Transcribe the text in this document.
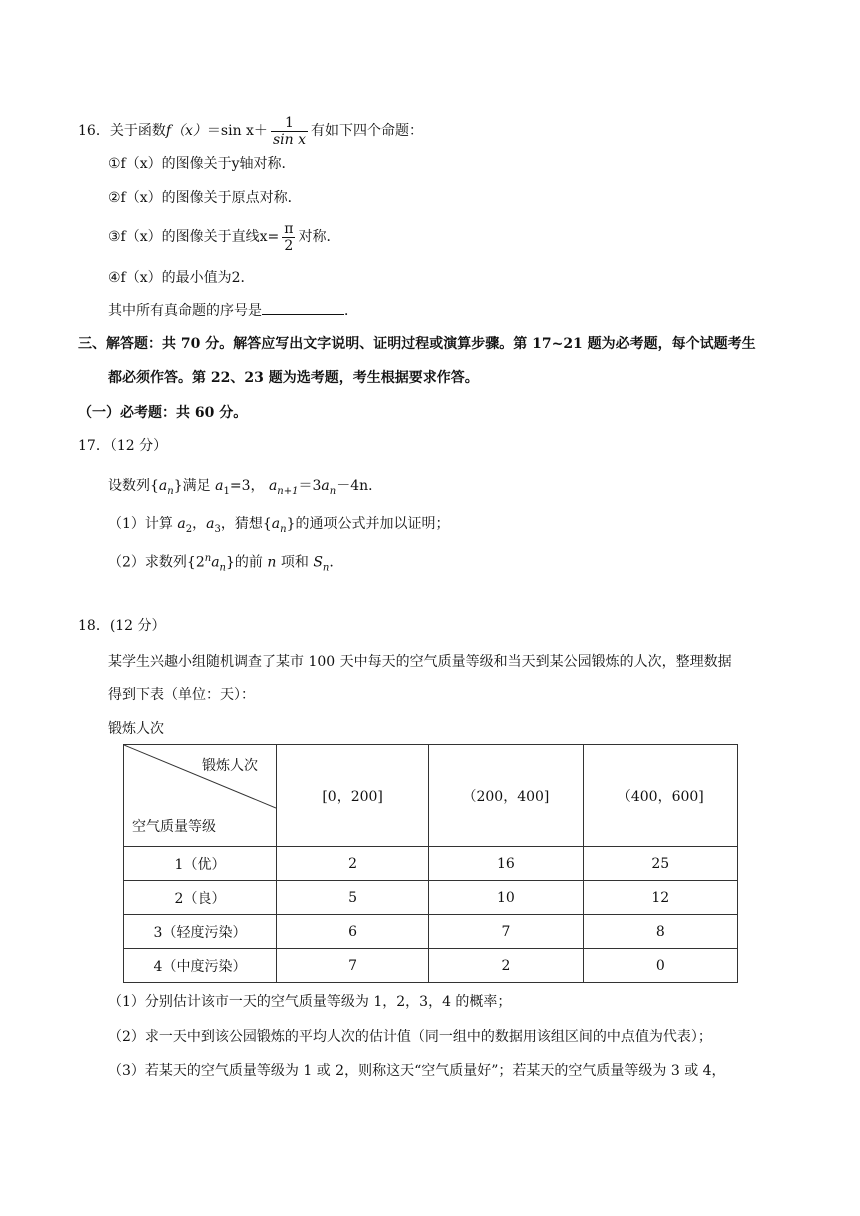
16．关于函数f（x）＝sin $x+ \frac{1}{\text{sin x}}$ 有如下四个命题：
①f（x）的图像关于y轴对称．
②f（x）的图像关于原点对称．
③f（x）的图像关于直线$x= \frac{\pi}{2}$ 对称．
④f（x）的最小值为2．
其中所有真命题的序号是	．
三、解答题：共 70 分。解答应写出文字说明、证明过程或演算步骤。第 17~21 题为必考题，每个试题考生
都必须作答。第 22、23 题为选考题，考生根据要求作答。
（一）必考题：共 60 分。
17．（12 分）
设数列$\{a_n\}$满足 $a_1=3$， $a_{n+1}=3a_n-4n$．
（1）计算 $a_2$，$a_3$，猜想$\{a_n\}$的通项公式并加以证明；
（2）求数列$\{2^na_n\}$的前 n 项和 $S_n$.
18．(12 分）
某学生兴趣小组随机调查了某市 100 天中每天的空气质量等级和当天到某公园锻炼的人次，整理数据
得到下表（单位：天）：
锻炼人次
锻炼人次
空气质量等级	[0，200]	（200，400]	（400，600]
1（优）	2	16	25
2（良）	5	10	12
3（轻度污染）	6	7	8
4（中度污染）	7	2	0
（1）分别估计该市一天的空气质量等级为 1，2，3，4 的概率；
（2）求一天中到该公园锻炼的平均人次的估计值（同一组中的数据用该组区间的中点值为代表）；
（3）若某天的空气质量等级为 1 或 2，则称这天“空气质量好”；若某天的空气质量等级为 3 或 4，
